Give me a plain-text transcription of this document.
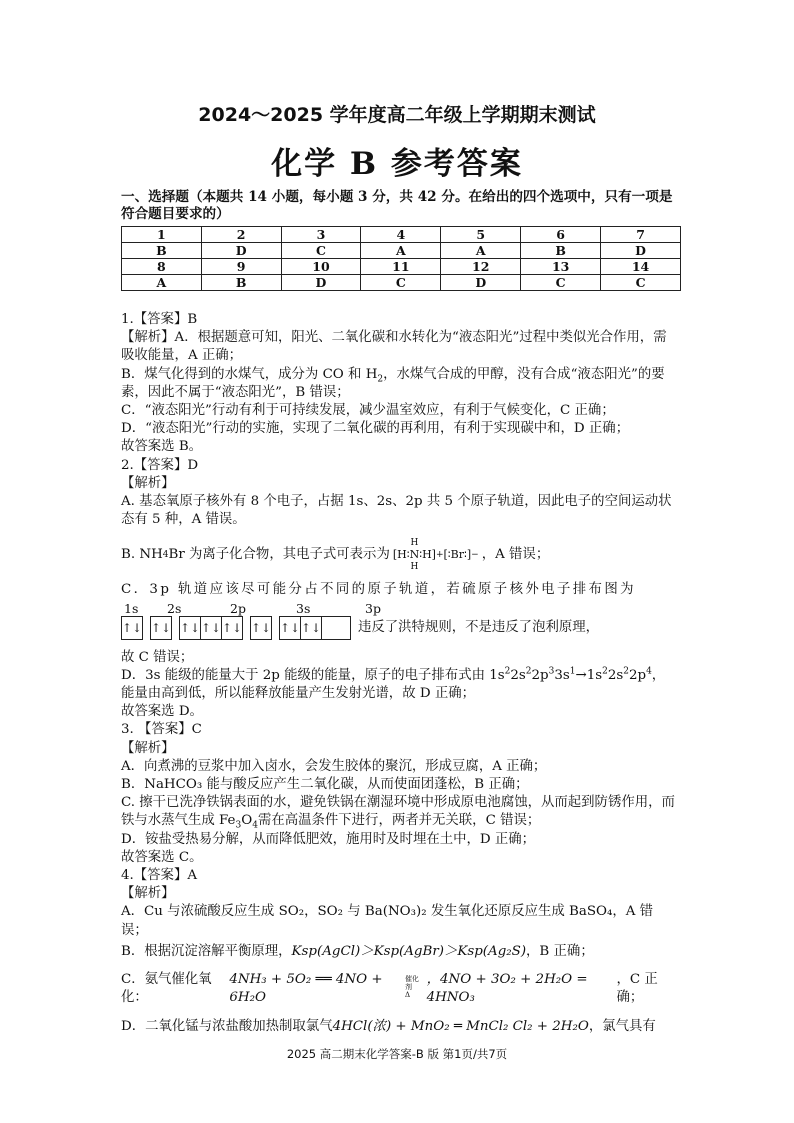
2024～2025 学年度高二年级上学期期末测试
化学 B 参考答案
一、选择题（本题共 14 小题，每小题 3 分，共 42 分。在给出的四个选项中，只有一项是符合题目要求的）
1	2	3	4	5	6	7
B	D	C	A	A	B	D
8	9	10	11	12	13	14
A	B	D	C	D	C	C

1.【答案】B

【解析】A．根据题意可知，阳光、二氧化碳和水转化为“液态阳光”过程中类似光合作用，需吸收能量，A 正确；

B．煤气化得到的水煤气，成分为 CO 和 $H_2$，水煤气合成的甲醇，没有合成“液态阳光”的要素，因此不属于“液态阳光”，B 错误；

C．“液态阳光”行动有利于可持续发展，减少温室效应，有利于气候变化，C 正确；

D．“液态阳光”行动的实施，实现了二氧化碳的再利用，有利于实现碳中和，D 正确；

故答案选 B。

2.【答案】D

【解析】

A. 基态氧原子核外有 8 个电子，占据 1s、2s、2p 共 5 个原子轨道，因此电子的空间运动状态有 5 种，A 错误。

B. NH 4 Br 为离子化合物，其电子式可表示为 [H∶
H
N
H
∶H] + [∶ Br ∶] − ，A 错误；

C．3p 轨道应该尽可能分占不同的原子轨道，若硫原子核外电子排布图为

1s 2s	2p	3s	3p
↑↓ ↑↓ ↑↓ ↑↓ ↑↓ ↑↓ ↑↓ ↑↓	违反了洪特规则，不是违反了泡利原理，

故 C 错误；

D．3s 能级的能量大于 2p 能级的能量，原子的电子排布式由 $1s^22s^22p^33s^1\to 1s^22s^22p^4$，能量由高到低，所以能释放能量产生发射光谱，故 D 正确；

故答案选 D。

3. 【答案】C

【解析】

A．向煮沸的豆浆中加入卤水，会发生胶体的聚沉，形成豆腐，A 正确；

B．NaHCO₃ 能与酸反应产生二氧化碳，从而使面团蓬松，B 正确；

C. 擦干已洗净铁锅表面的水，避免铁锅在潮湿环境中形成原电池腐蚀，从而起到防锈作用，而铁与水蒸气生成 $Fe_3O_4$需在高温条件下进行，两者并无关联，C 错误；

D．铵盐受热易分解，从而降低肥效，施用时及时埋在土中，D 正确；

故答案选 C。

4.【答案】A

【解析】

A．Cu 与浓硫酸反应生成 SO₂，SO₂ 与 Ba(NO₃)₂ 发生氧化还原反应生成 BaSO₄，A 错误；

B．根据沉淀溶解平衡原理，Ksp(AgCl)＞Ksp(AgBr)＞Ksp(Ag₂S)，B 正确；

C．氨气催化氧化：
4NH₃ + 5O₂ ══ 4NO + 6H₂O
催化剂
Δ
，4NO + 3O₂ + 2H₂O = 4HNO₃
，C 正确；

D．二氧化锰与浓盐酸加热制取氯气4HCl(浓) + MnO₂ ═ MnCl₂ Cl₂ + 2H₂O，氯气具有

2025 高二期末化学答案-B 版 第1页/共7页
